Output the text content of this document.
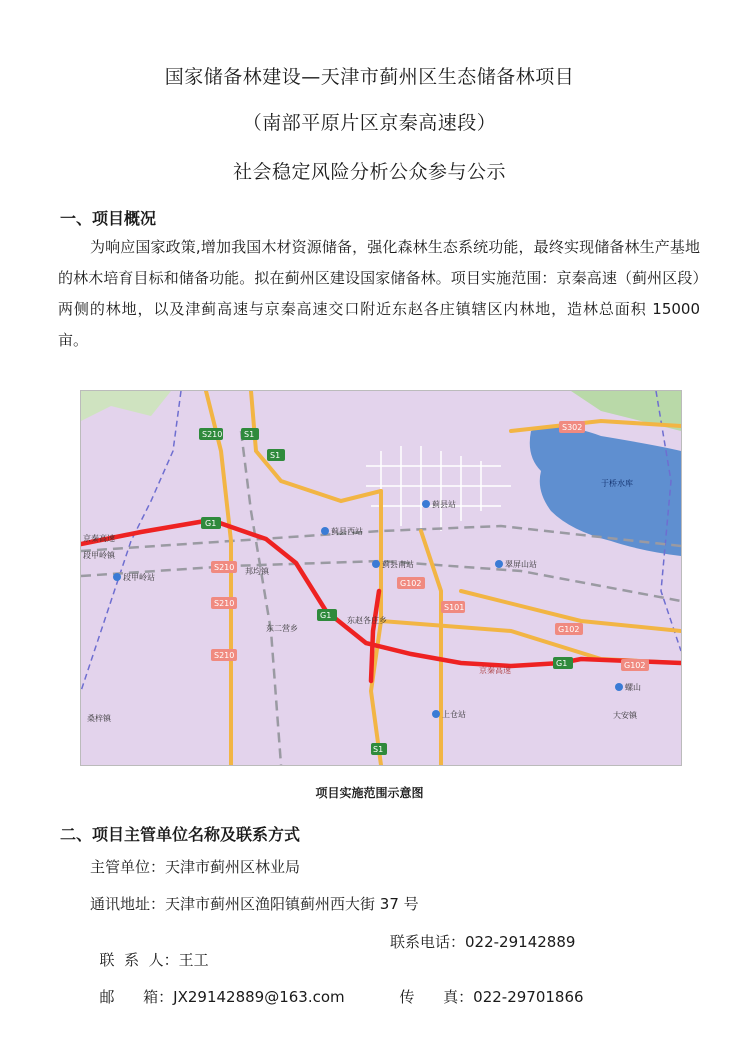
国家储备林建设—天津市蓟州区生态储备林项目
（南部平原片区京秦高速段）
社会稳定风险分析公众参与公示
一、项目概况
为响应国家政策,增加我国木材资源储备，强化森林生态系统功能，最终实现储备林生产基地的林木培育目标和储备功能。拟在蓟州区建设国家储备林。项目实施范围：京秦高速（蓟州区段）两侧的林地，以及津蓟高速与京秦高速交口附近东赵各庄镇辖区内林地，造林总面积 15000 亩。
S210	S1
S1
S302
G1
S210
G102
S210
G1
S101
G102
S210
G1	G102
S1
于桥水库
京秦高速
蓟县西站
蓟县站
段甲岭镇
段甲岭站
邦均镇
蓟县南站	翠屏山站
东二营乡
东赵各庄乡
京秦高速
螺山
桑梓镇	上仓站	大安镇
项目实施范围示意图
二、项目主管单位名称及联系方式
主管单位：天津市蓟州区林业局
通讯地址：天津市蓟州区渔阳镇蓟州西大街 37 号

联  系  人：王工

联系电话：022-29142889

邮      箱：JX29142889@163.com	传      真：022-29701866
